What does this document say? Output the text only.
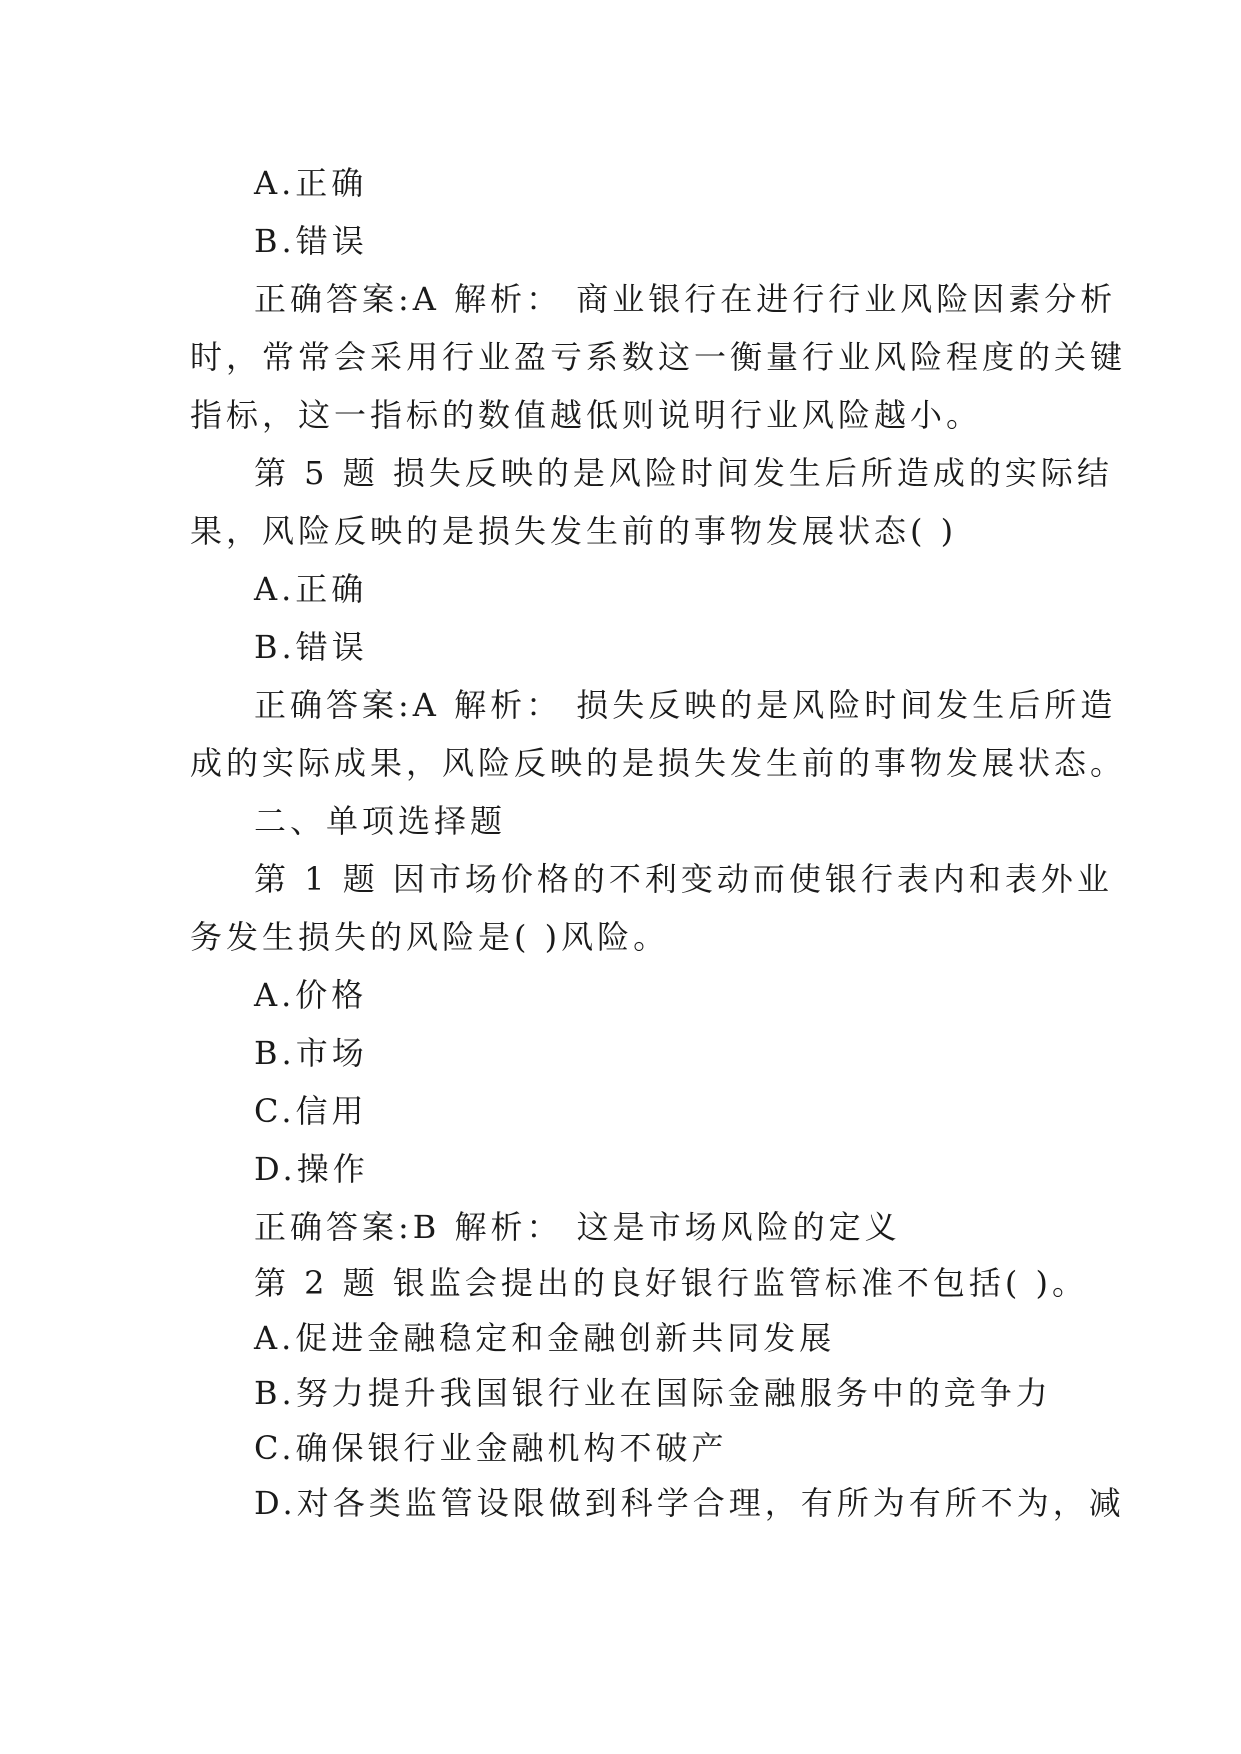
A.正确
B.错误
正确答案:A 解析： 商业银行在进行行业风险因素分析
时，常常会采用行业盈亏系数这一衡量行业风险程度的关键
指标，这一指标的数值越低则说明行业风险越小。
第 5 题 损失反映的是风险时间发生后所造成的实际结
果，风险反映的是损失发生前的事物发展状态( )
A.正确
B.错误
正确答案:A 解析： 损失反映的是风险时间发生后所造
成的实际成果，风险反映的是损失发生前的事物发展状态。
二、单项选择题
第 1 题 因市场价格的不利变动而使银行表内和表外业
务发生损失的风险是( )风险。
A.价格
B.市场
C.信用
D.操作
正确答案:B 解析： 这是市场风险的定义
第 2 题 银监会提出的良好银行监管标准不包括( )。
A.促进金融稳定和金融创新共同发展
B.努力提升我国银行业在国际金融服务中的竞争力
C.确保银行业金融机构不破产
D.对各类监管设限做到科学合理，有所为有所不为，减
